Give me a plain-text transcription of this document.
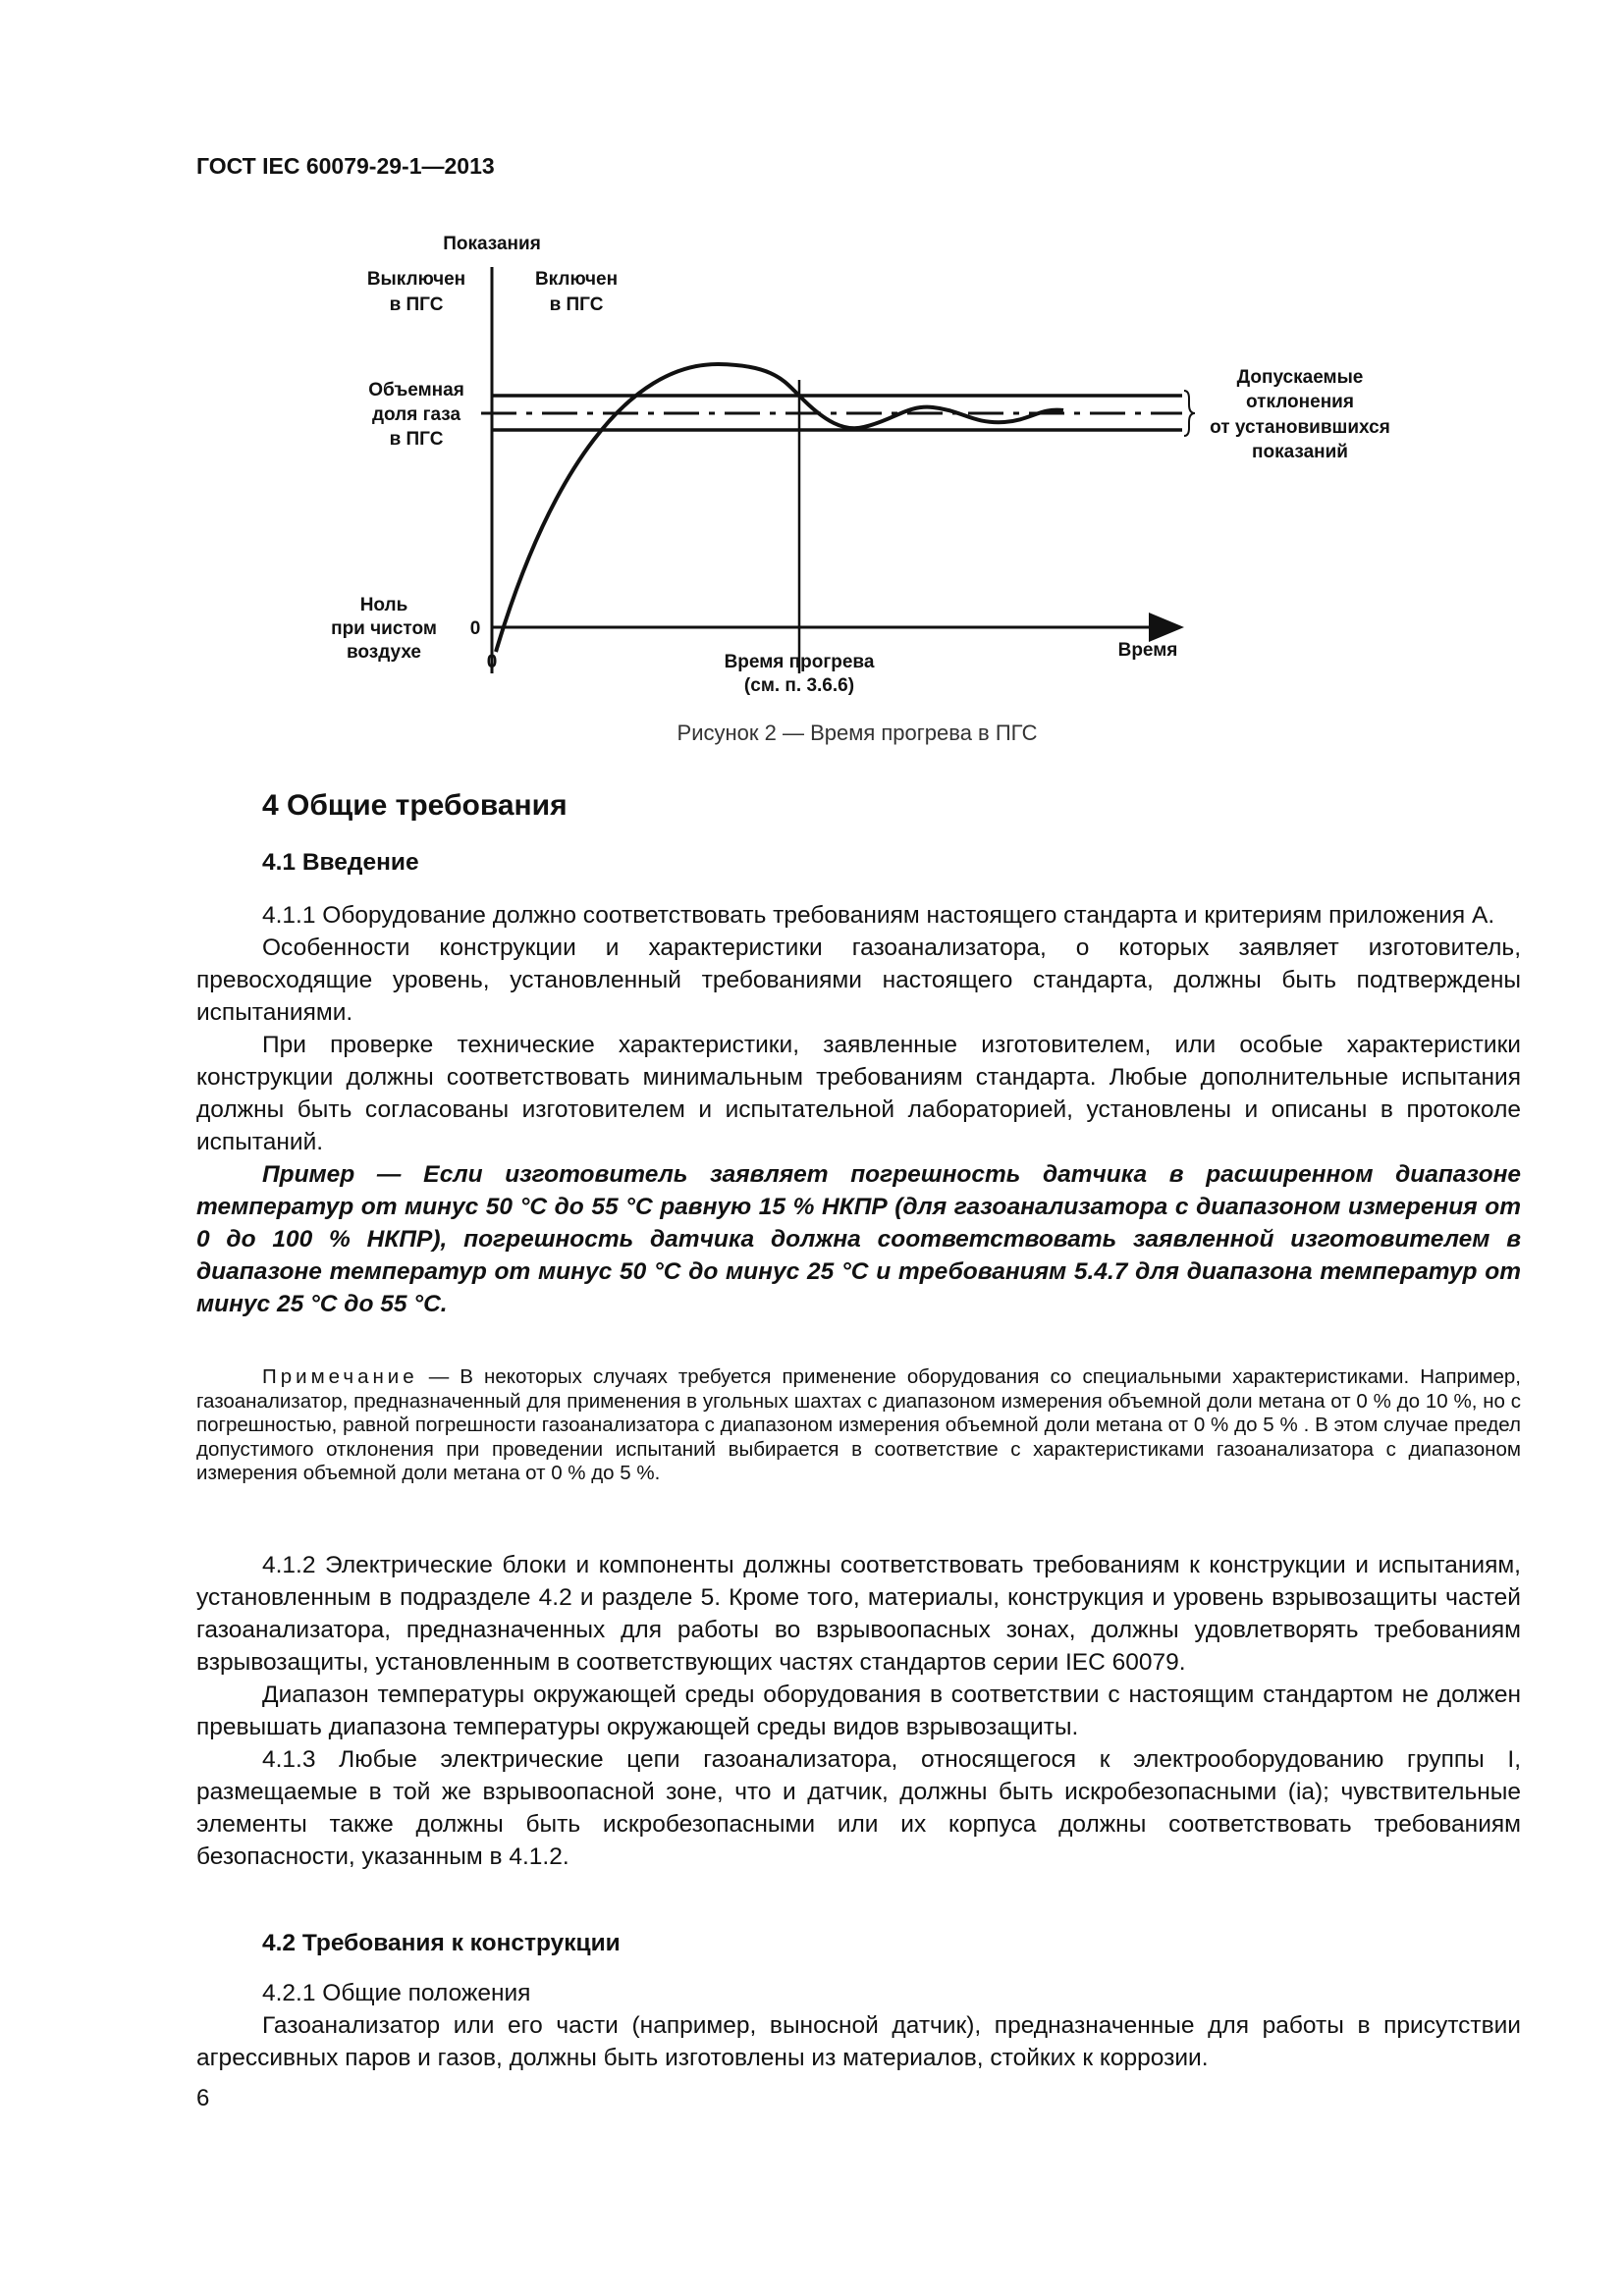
ГОСТ IEC 60079-29-1—2013
Показания
Выключен
в ПГС
Включен
в ПГС
Объемная
доля газа
в ПГС
Ноль
при чистом
воздухе
0
0	Время прогрева
(см. п. 3.6.6)
Время
Допускаемые
отклонения
от установившихся
показаний
Рисунок 2 — Время прогрева в ПГС
4 Общие требования
4.1 Введение

4.1.1 Оборудование должно соответствовать требованиям настоящего стандарта и критериям приложения А.

Особенности конструкции и характеристики газоанализатора, о которых заявляет изготовитель, превосходящие уровень, установленный требованиями настоящего стандарта, должны быть подтверждены испытаниями.

При проверке технические характеристики, заявленные изготовителем, или особые характеристики конструкции должны соответствовать минимальным требованиям стандарта. Любые дополнительные испытания должны быть согласованы изготовителем и испытательной лабораторией, установлены и описаны в протоколе испытаний.

Пример — Если изготовитель заявляет погрешность датчика в расширенном диапазоне температур от минус 50 °С до 55 °С равную 15 % НКПР (для газоанализатора с диапазоном измерения от 0 до 100 % НКПР), погрешность датчика должна соответствовать заявленной изготовителем в диапазоне температур от минус 50 °С до минус 25 °С и требованиям 5.4.7 для диапазона температур от минус 25 °С до 55 °С.

Примечание — В некоторых случаях требуется применение оборудования со специальными характеристиками. Например, газоанализатор, предназначенный для применения в угольных шахтах с диапазоном измерения объемной доли метана от 0 % до 10 %, но с погрешностью, равной погрешности газоанализатора с диапазоном измерения объемной доли метана от 0 % до 5 % . В этом случае предел допустимого отклонения при проведении испытаний выбирается в соответствие с характеристиками газоанализатора с диапазоном измерения объемной доли метана от 0 % до 5 %.

4.1.2 Электрические блоки и компоненты должны соответствовать требованиям к конструкции и испытаниям, установленным в подразделе 4.2 и разделе 5. Кроме того, материалы, конструкция и уровень взрывозащиты частей газоанализатора, предназначенных для работы во взрывоопасных зонах, должны удовлетворять требованиям взрывозащиты, установленным в соответствующих частях стандартов серии IEC 60079.

Диапазон температуры окружающей среды оборудования в соответствии с настоящим стандартом не должен превышать диапазона температуры окружающей среды видов взрывозащиты.

4.1.3 Любые электрические цепи газоанализатора, относящегося к электрооборудованию группы I, размещаемые в той же взрывоопасной зоне, что и датчик, должны быть искробезопасными (ia); чувствительные элементы также должны быть искробезопасными или их корпуса должны соответствовать требованиям безопасности, указанным в 4.1.2.

4.2 Требования к конструкции

4.2.1 Общие положения

Газоанализатор или его части (например, выносной датчик), предназначенные для работы в присутствии агрессивных паров и газов, должны быть изготовлены из материалов, стойких к коррозии.

6
